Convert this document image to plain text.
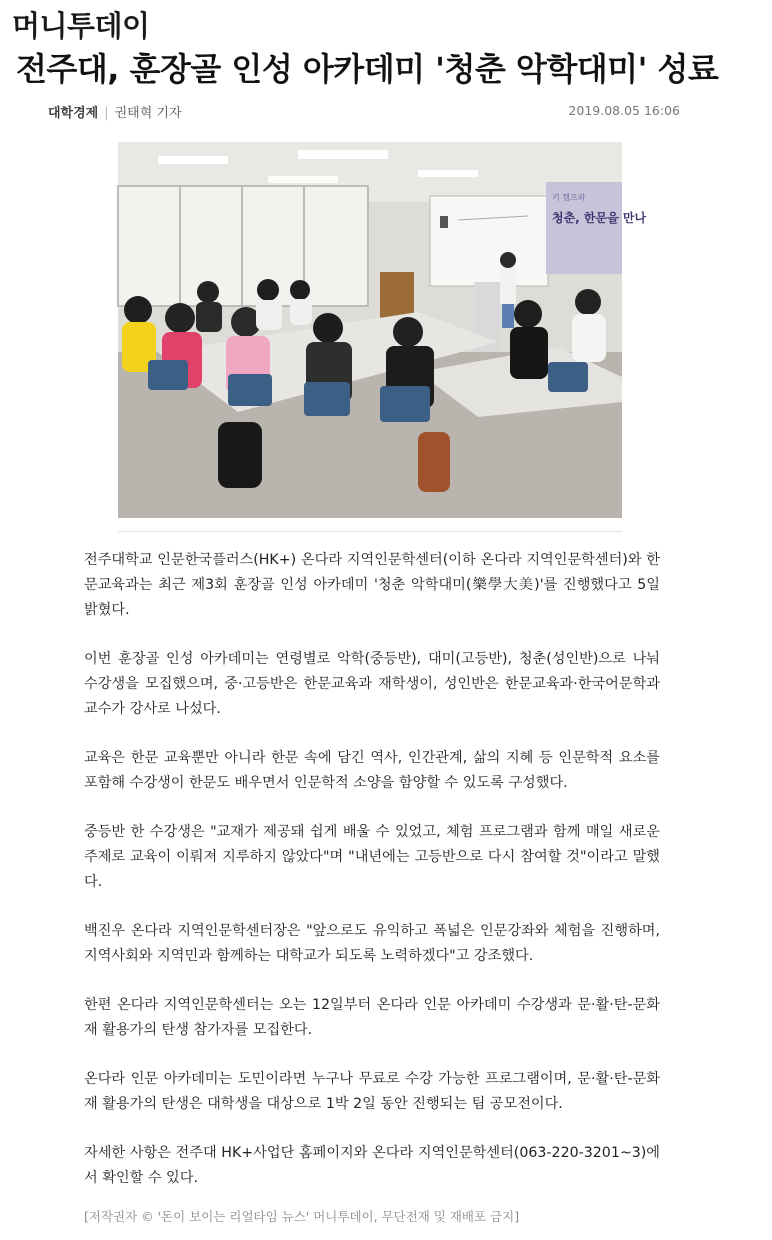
머니투데이
전주대, 훈장골 인성 아카데미 '청춘 악학대미' 성료
대학경제 | 권태혁 기자	2019.08.05 16:06
키 캠프와
청춘, 한문을 만나

전주대학교 인문한국플러스(HK+) 온다라 지역인문학센터(이하 온다라 지역인문학센터)와 한문교육과는 최근 제3회 훈장골 인성 아카데미 '청춘 악학대미(樂學大美)'를 진행했다고 5일 밝혔다.

이번 훈장골 인성 아카데미는 연령별로 악학(중등반), 대미(고등반), 청춘(성인반)으로 나눠 수강생을 모집했으며, 중·고등반은 한문교육과 재학생이, 성인반은 한문교육과·한국어문학과 교수가 강사로 나섰다.

교육은 한문 교육뿐만 아니라 한문 속에 담긴 역사, 인간관계, 삶의 지혜 등 인문학적 요소를 포함해 수강생이 한문도 배우면서 인문학적 소양을 함양할 수 있도록 구성했다.

중등반 한 수강생은 "교재가 제공돼 쉽게 배울 수 있었고, 체험 프로그램과 함께 매일 새로운 주제로 교육이 이뤄져 지루하지 않았다"며 "내년에는 고등반으로 다시 참여할 것"이라고 말했다.

백진우 온다라 지역인문학센터장은 "앞으로도 유익하고 폭넓은 인문강좌와 체험을 진행하며, 지역사회와 지역민과 함께하는 대학교가 되도록 노력하겠다"고 강조했다.

한편 온다라 지역인문학센터는 오는 12일부터 온다라 인문 아카데미 수강생과 문·활·탄-문화재 활용가의 탄생 참가자를 모집한다.

온다라 인문 아카데미는 도민이라면 누구나 무료로 수강 가능한 프로그램이며, 문·활·탄-문화재 활용가의 탄생은 대학생을 대상으로 1박 2일 동안 진행되는 팀 공모전이다.

자세한 사항은 전주대 HK+사업단 홈페이지와 온다라 지역인문학센터(063-220-3201~3)에서 확인할 수 있다.

[저작권자 © '돈이 보이는 리얼타임 뉴스' 머니투데이, 무단전재 및 재배포 금지]
